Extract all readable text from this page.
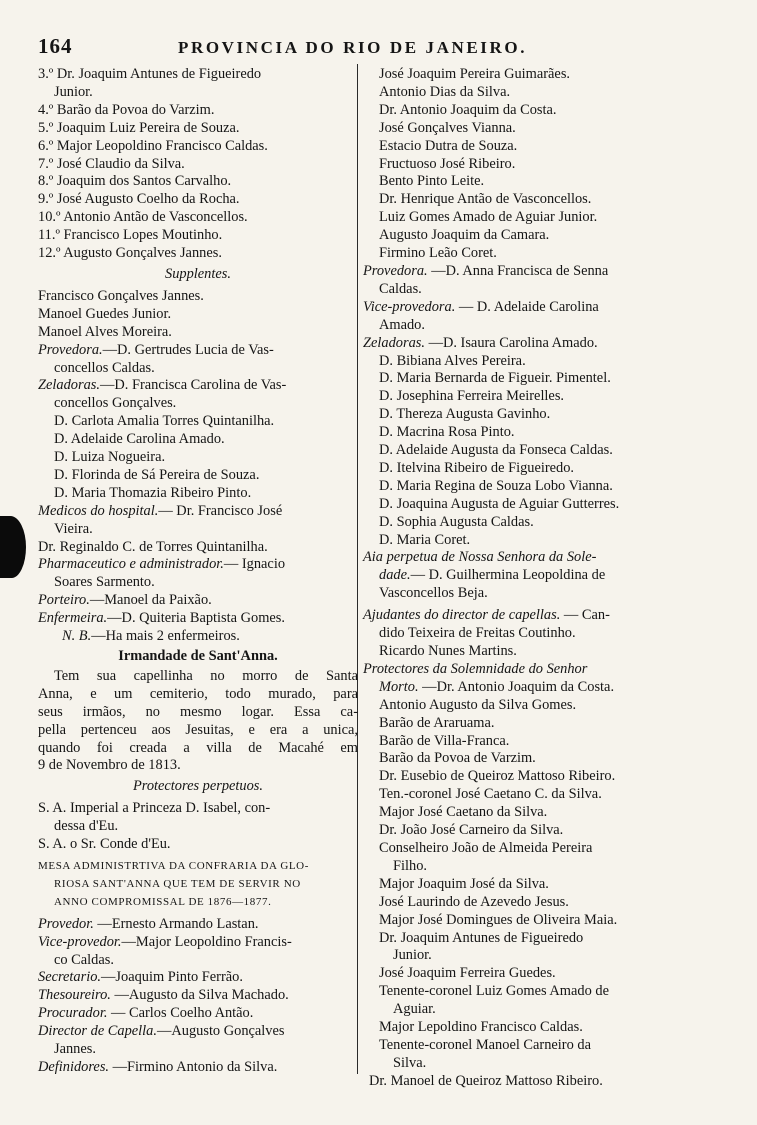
164	PROVINCIA DO RIO DE JANEIRO.
3.º Dr. Joaquim Antunes de Figueiredo
Junior.
4.º Barão da Povoa do Varzim.
5.º Joaquim Luiz Pereira de Souza.
6.º Major Leopoldino Francisco Caldas.
7.º José Claudio da Silva.
8.º Joaquim dos Santos Carvalho.
9.º José Augusto Coelho da Rocha.
10.º Antonio Antão de Vasconcellos.
11.º Francisco Lopes Moutinho.
12.º Augusto Gonçalves Jannes.
Supplentes.
Francisco Gonçalves Jannes.
Manoel Guedes Junior.
Manoel Alves Moreira.
Provedora.—D. Gertrudes Lucia de Vas-
concellos Caldas.
Zeladoras.—D. Francisca Carolina de Vas-
concellos Gonçalves.
D. Carlota Amalia Torres Quintanilha.
D. Adelaide Carolina Amado.
D. Luiza Nogueira.
D. Florinda de Sá Pereira de Souza.
D. Maria Thomazia Ribeiro Pinto.
Medicos do hospital.— Dr. Francisco José
Vieira.
Dr. Reginaldo C. de Torres Quintanilha.
Pharmaceutico e administrador.— Ignacio
Soares Sarmento.
Porteiro.—Manoel da Paixão.
Enfermeira.—D. Quiteria Baptista Gomes.
N. B.—Ha mais 2 enfermeiros.
Irmandade de Sant'Anna.
Tem sua capellinha no morro de Santa
Anna, e um cemiterio, todo murado, para
seus irmãos, no mesmo logar. Essa ca-
pella pertenceu aos Jesuitas, e era a unica,
quando foi creada a villa de Macahé em
9 de Novembro de 1813.
Protectores perpetuos.
S. A. Imperial a Princeza D. Isabel, con-
dessa d'Eu.
S. A. o Sr. Conde d'Eu.
MESA ADMINISTRTIVA DA CONFRARIA DA GLO-
RIOSA SANT'ANNA QUE TEM DE SERVIR NO
ANNO COMPROMISSAL DE 1876—1877.
Provedor. —Ernesto Armando Lastan.
Vice-provedor.—Major Leopoldino Francis-
co Caldas.
Secretario.—Joaquim Pinto Ferrão.
Thesoureiro. —Augusto da Silva Machado.
Procurador. — Carlos Coelho Antão.
Director de Capella.—Augusto Gonçalves
Jannes.
Definidores. —Firmino Antonio da Silva.
José Joaquim Pereira Guimarães.
Antonio Dias da Silva.
Dr. Antonio Joaquim da Costa.
José Gonçalves Vianna.
Estacio Dutra de Souza.
Fructuoso José Ribeiro.
Bento Pinto Leite.
Dr. Henrique Antão de Vasconcellos.
Luiz Gomes Amado de Aguiar Junior.
Augusto Joaquim da Camara.
Firmino Leão Coret.
Provedora. —D. Anna Francisca de Senna
Caldas.
Vice-provedora. — D. Adelaide Carolina
Amado.
Zeladoras. —D. Isaura Carolina Amado.
D. Bibiana Alves Pereira.
D. Maria Bernarda de Figueir. Pimentel.
D. Josephina Ferreira Meirelles.
D. Thereza Augusta Gavinho.
D. Macrina Rosa Pinto.
D. Adelaide Augusta da Fonseca Caldas.
D. Itelvina Ribeiro de Figueiredo.
D. Maria Regina de Souza Lobo Vianna.
D. Joaquina Augusta de Aguiar Gutterres.
D. Sophia Augusta Caldas.
D. Maria Coret.
Aia perpetua de Nossa Senhora da Sole-
dade.— D. Guilhermina Leopoldina de
Vasconcellos Beja.
Ajudantes do director de capellas. — Can-
dido Teixeira de Freitas Coutinho.
Ricardo Nunes Martins.
Protectores da Solemnidade do Senhor
Morto. —Dr. Antonio Joaquim da Costa.
Antonio Augusto da Silva Gomes.
Barão de Araruama.
Barão de Villa-Franca.
Barão da Povoa de Varzim.
Dr. Eusebio de Queiroz Mattoso Ribeiro.
Ten.-coronel José Caetano C. da Silva.
Major José Caetano da Silva.
Dr. João José Carneiro da Silva.
Conselheiro João de Almeida Pereira
Filho.
Major Joaquim José da Silva.
José Laurindo de Azevedo Jesus.
Major José Domingues de Oliveira Maia.
Dr. Joaquim Antunes de Figueiredo
Junior.
José Joaquim Ferreira Guedes.
Tenente-coronel Luiz Gomes Amado de
Aguiar.
Major Lepoldino Francisco Caldas.
Tenente-coronel Manoel Carneiro da
Silva.
Dr. Manoel de Queiroz Mattoso Ribeiro.
